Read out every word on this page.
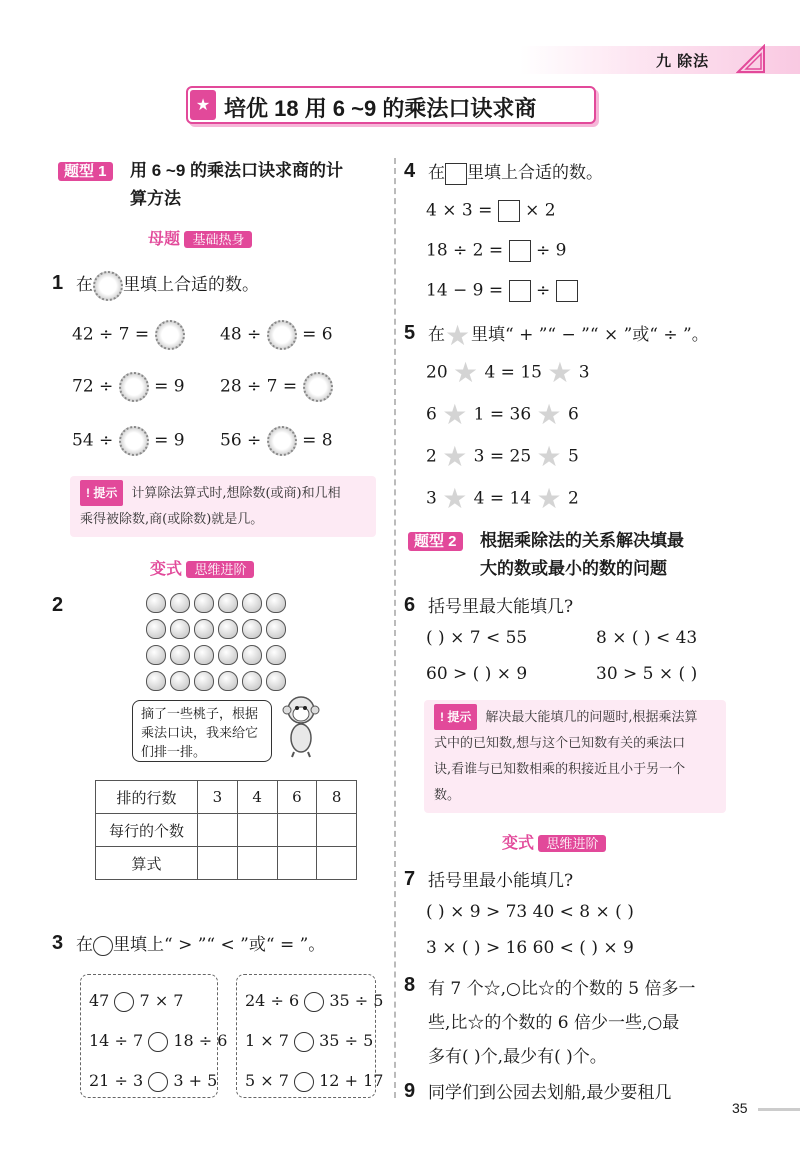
九 除法
★ 培优 18 用 6 ~9 的乘法口诀求商
题型 1	用 6 ~9 的乘法口诀求商的计
算方法
母题 基础热身
1 在 里填上合适的数。
42 ÷ 7 =	48 ÷ = 6
72 ÷ = 9 28 ÷ 7 =
54 ÷ = 9 56 ÷ = 8
! 提示 计算除法算式时,想除数(或商)和几相
乘得被除数,商(或除数)就是几。
变式 思维进阶
2

摘了一些桃子，根据乘法口诀，我来给它们排一排。
排的行数	3	4	6	8
每行的个数				
算式				
3 在 里填上“ > ”“ < ”或“ = ”。
47 7 × 7
14 ÷ 7 18 ÷ 6
21 ÷ 3 3 + 5
24 ÷ 6 35 ÷ 5
1 × 7 35 ÷ 5
5 × 7 12 + 17
4 在 里填上合适的数。
4 × 3 = × 2
18 ÷ 2 = ÷ 9
14 − 9 = ÷
5 在★里填“ + ”“ − ”“ × ”或“ ÷ ”。
20 ★ 4 = 15 ★ 3
6 ★ 1 = 36 ★ 6
2 ★ 3 = 25 ★ 5
3 ★ 4 = 14 ★ 2
题型 2	根据乘除法的关系解决填最
大的数或最小的数的问题
6 括号里最大能填几?
( ) × 7 < 55	8 × ( ) < 43
60 > ( ) × 9	30 > 5 × ( )
! 提示 解决最大能填几的问题时,根据乘法算
式中的已知数,想与这个已知数有关的乘法口
诀,看谁与已知数相乘的积接近且小于另一个
数。
变式 思维进阶
7 括号里最小能填几?
( ) × 9 > 73 40 < 8 × ( )
3 × ( ) > 16 60 < ( ) × 9
8 有 7 个☆,○比☆的个数的 5 倍多一
些,比☆的个数的 6 倍少一些,○最
多有( )个,最少有( )个。
9 同学们到公园去划船,最少要租几
35
